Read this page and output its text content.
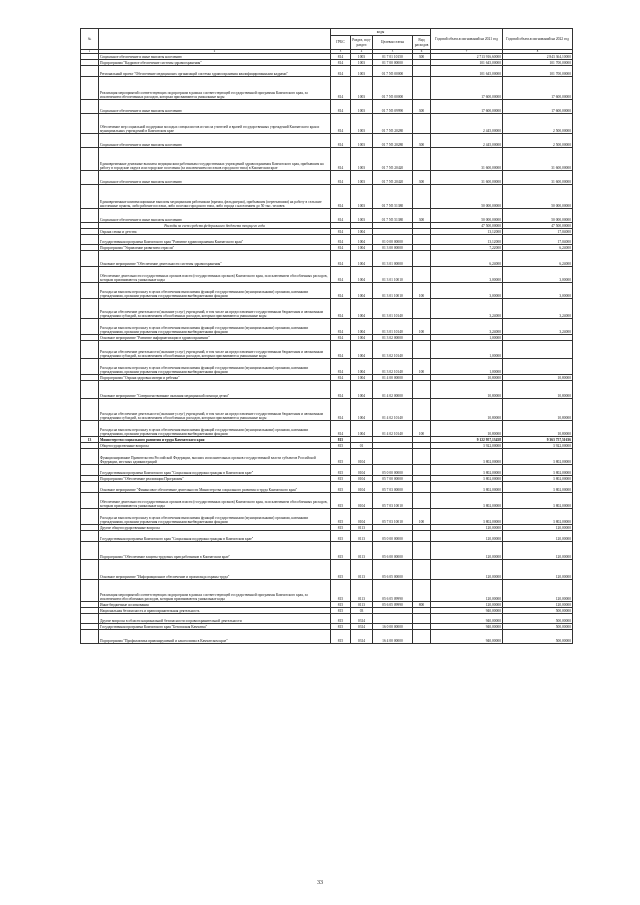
№		коды				Годовой объем ассигнований на 2021 год	Годовой объем ассигнований на 2022 год
		ГРБС	Раздел, под-раздел	Целевая статья	Вид расходов		
1	2	3	4	5	6	7	8
	Социальное обеспечение и иные выплаты населению	814	1003	01 7 01 10150	300	2 713 916,60000	2 843 364,10000
	Подпрограмма "Кадровое обеспечение системы здравоохранения"	814	1003	01 7 00 00000		101 645,00000	101 700,00000
	Региональный проект "Обеспечение медицинских организаций системы здравоохранения квалифицированными кадрами"	814	1003	01 7 N5 00000		101 645,00000	101 700,00000
	Реализация мероприятий соответствующих подпрограмм в рамках соответствующей государственной программы Камчатского края, за исключением обеспеченных расходов, которым присваиваются уникальные коды	814	1003	01 7 N5 00000		17 600,00000	17 600,00000
	Социальное обеспечение и иные выплаты населению	814	1003	01 7 N5 09990	300	17 600,00000	17 600,00000
	Обеспечение мер социальной поддержки молодых специалистов из числа учителей и врачей государственных учреждений Камчатского края и муниципальных учреждений в Камчатском крае	814	1003	01 7 N5 20280		2 445,00000	2 500,00000
	Социальное обеспечение и иные выплаты населению	814	1003	01 7 N5 20280	300	2 445,00000	2 500,00000
	Единовременные денежные выплаты медицинским работникам государственных учреждений здравоохранения Камчатского края, прибывшим на работу в городские округа или городские поселения (за исключением поселков городского типа) в Камчатском крае	814	1003	01 7 N5 20420		31 600,00000	31 600,00000
	Социальное обеспечение и иные выплаты населению	814	1003	01 7 N5 20420	300	31 600,00000	31 600,00000
	Единовременные компенсационные выплаты медицинским работникам (врачам, фельдшерам), прибывшим (переехавшим) на работу в сельские населенные пункты, либо рабочие поселки, либо поселки городского типа, либо города с населением до 50 тыс. человек	814	1003	01 7 N5 51380		50 000,00000	50 000,00000
	Социальное обеспечение и иные выплаты населению	814	1003	01 7 N5 51380	300	50 000,00000	50 000,00000
	Расходы за счет средств федерального бюджета текущего года					47 500,00000	47 500,00000
	Охрана семьи и детства	814	1004			13,12000	17,04000
	Государственная программа Камчатского края "Развитие здравоохранения Камчатского края"	814	1004	01 0 00 00000		13,12000	17,04000
	Подпрограмма "Управление развитием отрасли"	814	1004	01 3 00 00000		7,22000	6,24000
	Основное мероприятие "Обеспечение деятельности системы здравоохранения"	814	1004	01 3 01 00000		6,24000	6,24000
	Обеспечение деятельности государственных органов власти (государственных органов) Камчатского края, за исключением обособленных расходов, которым присваиваются уникальные коды	814	1004	01 3 01 10010		3,00000	3,00000
	Расходы на выплаты персоналу в целях обеспечения выполнения функций государственными (муниципальными) органами, казенными учреждениями, органами управления государственными внебюджетными фондами	814	1004	01 3 01 10010	100	3,00000	3,00000
	Расходы на обеспечение деятельности (оказание услуг) учреждений, в том числе на предоставление государственным бюджетным и автономным учреждениям субсидий, за исключением обособленных расходов, которым присваиваются уникальные коды	814	1004	01 3 01 10140		3,24000	3,24000
	Расходы на выплаты персоналу в целях обеспечения выполнения функций государственными (муниципальными) органами, казенными учреждениями, органами управления государственными внебюджетными фондами	814	1004	01 3 01 10140	100	3,24000	3,24000
	Основное мероприятие "Развитие информатизации в здравоохранении"	814	1004	01 3 02 00000		1,00000	
	Расходы на обеспечение деятельности (оказание услуг) учреждений, в том числе на предоставление государственным бюджетным и автономным учреждениям субсидий, за исключением обособленных расходов, которым присваиваются уникальные коды	814	1004	01 3 02 10140		1,00000	
	Расходы на выплаты персоналу в целях обеспечения выполнения функций государственными (муниципальными) органами, казенными учреждениями, органами управления государственными внебюджетными фондами	814	1004	01 3 02 10140	100	1,00000	
	Подпрограмма "Охрана здоровья матери и ребенка"	814	1004	01 4 00 00000		10,80000	10,80000
	Основное мероприятие "Совершенствование оказания медицинской помощи детям"	814	1004	01 4 02 00000		10,80000	10,80000
	Расходы на обеспечение деятельности (оказание услуг) учреждений, в том числе на предоставление государственным бюджетным и автономным учреждениям субсидий, за исключением обособленных расходов, которым присваиваются уникальные коды	814	1004	01 4 02 10140		10,80000	10,80000
	Расходы на выплаты персоналу в целях обеспечения выполнения функций государственными (муниципальными) органами, казенными учреждениями, органами управления государственными внебюджетными фондами	814	1004	01 4 02 10140	100	10,80000	10,80000
13	Министерство социального развития и труда Камчатского края	815				9 122 957,13458	9 363 757,51636
	Общегосударственные вопросы	815	01			3 922,00000	3 922,00000
	Функционирование Правительства Российской Федерации, высших исполнительных органов государственной власти субъектов Российской Федерации, местных администраций	815	0104			3 802,00000	3 802,00000
	Государственная программа Камчатского края "Социальная поддержка граждан в Камчатском крае"	815	0104	05 0 00 00000		3 802,00000	3 802,00000
	Подпрограмма "Обеспечение реализации Программы"	815	0104	05 7 00 00000		3 802,00000	3 802,00000
	Основное мероприятие "Финансовое обеспечение деятельности Министерства социального развития и труда Камчатского края"	815	0104	05 7 03 00000		3 802,00000	3 802,00000
	Обеспечение деятельности государственных органов власти (государственных органов) Камчатского края, за исключением обособленных расходов, которым присваиваются уникальные коды	815	0104	05 7 03 10010		3 802,00000	3 802,00000
	Расходы на выплаты персоналу в целях обеспечения выполнения функций государственными (муниципальными) органами, казенными учреждениями, органами управления государственными внебюджетными фондами	815	0104	05 7 03 10010	100	3 802,00000	3 802,00000
	Другие общегосударственные вопросы	815	0113			120,00000	120,00000
	Государственная программа Камчатского края "Социальная поддержка граждан в Камчатском крае"	815	0113	05 0 00 00000		120,00000	120,00000
	Подпрограмма "Обеспечение защиты трудовых прав работников в Камчатском крае"	815	0113	05 6 00 00000		120,00000	120,00000
	Основное мероприятие "Информационное обеспечение и пропаганда охраны труда"	815	0113	05 6 05 00000		120,00000	120,00000
	Реализация мероприятий соответствующих подпрограмм в рамках соответствующей государственной программы Камчатского края, за исключением обособленных расходов, которым присваиваются уникальные коды	815	0113	05 6 05 09990		120,00000	120,00000
	Иные бюджетные ассигнования	815	0113	05 6 05 09990	800	120,00000	120,00000
	Национальная безопасность и правоохранительная деятельность	815	03			940,00000	500,00000
	Другие вопросы в области национальной безопасности и правоохранительной деятельности	815	0314			940,00000	500,00000
	Государственная программа Камчатского края "Безопасная Камчатка"	815	0314	16 0 00 00000		940,00000	500,00000
	Подпрограмма "Профилактика правонарушений и алкоголизма в Камчатском крае"	815	0314	16 4 00 00000		940,00000	500,00000
33
